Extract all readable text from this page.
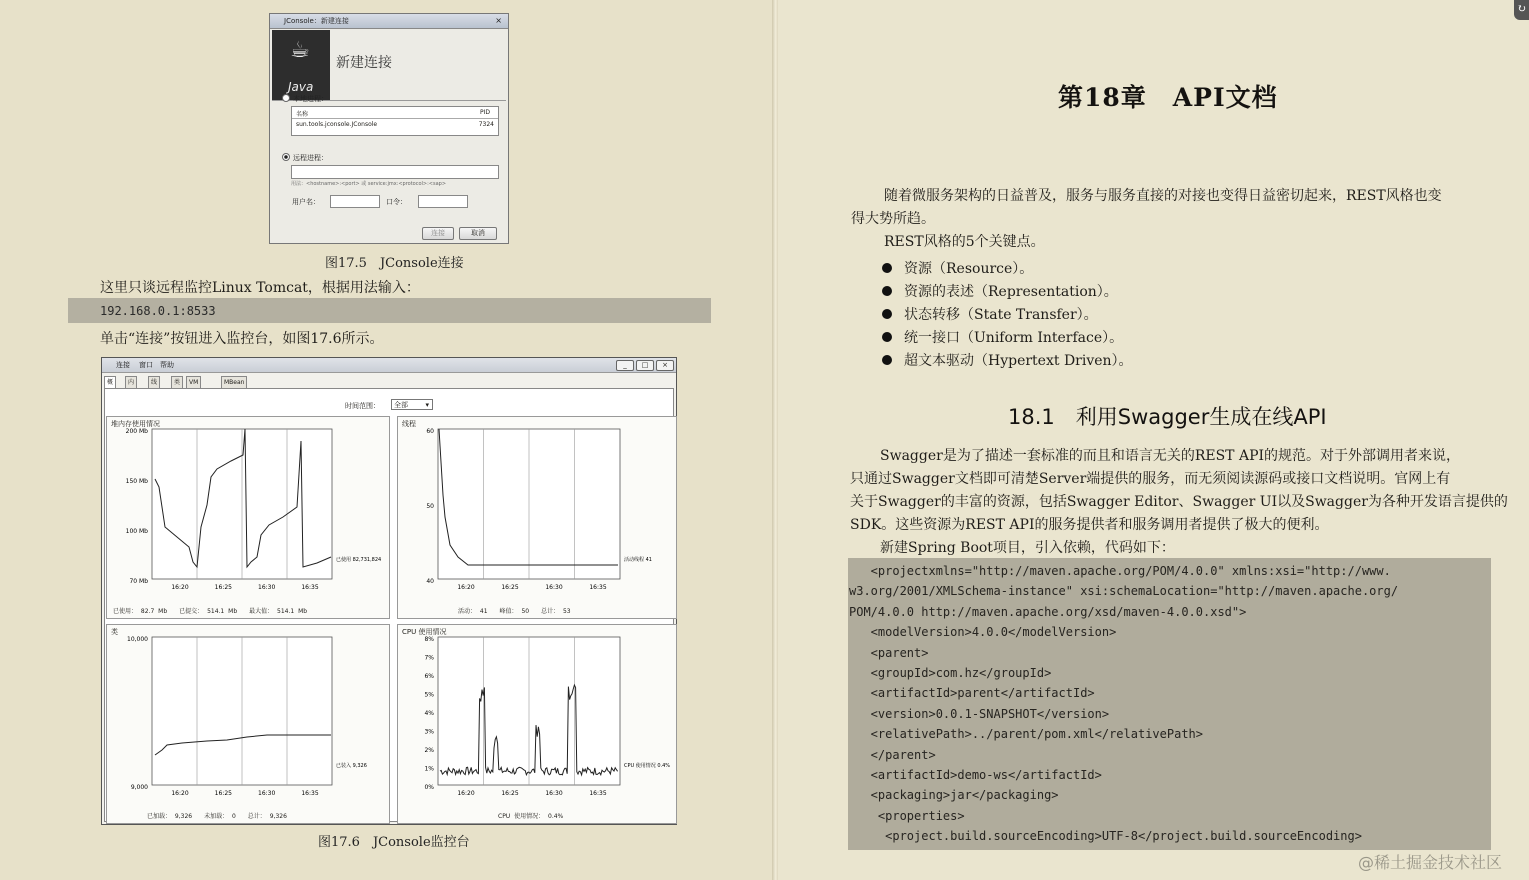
JConsole：新建连接	×
☕
Java
新建连接
本地进程：
名称	PID
sun.tools.jconsole.JConsole	7324
远程进程：
用法：<hostname>:<port> 或 service:jmx:<protocol>:<sap>
用户名：	口令：
连接	取消
图17.5　JConsole连接
这里只谈远程监控Linux Tomcat，根据用法输入：
192.168.0.1:8533
单击“连接”按钮进入监控台，如图17.6所示。
连接 窗口 帮助	_	□	×
概	内	线	类	VM	MBean
时间范围：	全部 ▾
堆内存使用情况
16:20	16:25	16:30	16:35
200 Mb
150 Mb
100 Mb
70 Mb
已使用 82,731,824
已使用： 82.7 Mb　　已提交： 514.1 Mb　　最大值： 514.1 Mb
线程
16:20	16:25	16:30	16:35
60
50
40
活动线程 41
活动： 41　　峰值： 50　　总计： 53
类
16:20	16:25	16:30	16:35
10,000
9,000
已装入 9,326
已加载： 9,326　　未加载： 0　　总计： 9,326
CPU 使用情况
16:20	16:25	16:30	16:35
8%
7%
6%
5%
4%
3%
2%
1%
0%
CPU 使用情况 0.4%
CPU 使用情况： 0.4%
图17.6　JConsole监控台
第18章　API文档
随着微服务架构的日益普及，服务与服务直接的对接也变得日益密切起来，REST风格也变
得大势所趋。
REST风格的5个关键点。
资源（Resource）。
资源的表述（Representation）。
状态转移（State Transfer）。
统一接口（Uniform Interface）。
超文本驱动（Hypertext Driven）。
18.1　利用Swagger生成在线API
Swagger是为了描述一套标准的而且和语言无关的REST API的规范。对于外部调用者来说，
只通过Swagger文档即可清楚Server端提供的服务，而无须阅读源码或接口文档说明。官网上有
关于Swagger的丰富的资源，包括Swagger Editor、Swagger UI以及Swagger为各种开发语言提供的
SDK。这些资源为REST API的服务提供者和服务调用者提供了极大的便利。
新建Spring Boot项目，引入依赖，代码如下：
<projectxmlns="http://maven.apache.org/POM/4.0.0" xmlns:xsi="http://www.
w3.org/2001/XMLSchema-instance" xsi:schemaLocation="http://maven.apache.org/
POM/4.0.0 http://maven.apache.org/xsd/maven-4.0.0.xsd">
<modelVersion>4.0.0</modelVersion>
<parent>
<groupId>com.hz</groupId>
<artifactId>parent</artifactId>
<version>0.0.1-SNAPSHOT</version>
<relativePath>../parent/pom.xml</relativePath>
</parent>
<artifactId>demo-ws</artifactId>
<packaging>jar</packaging>
<properties>
<project.build.sourceEncoding>UTF-8</project.build.sourceEncoding>
@稀土掘金技术社区
↻
